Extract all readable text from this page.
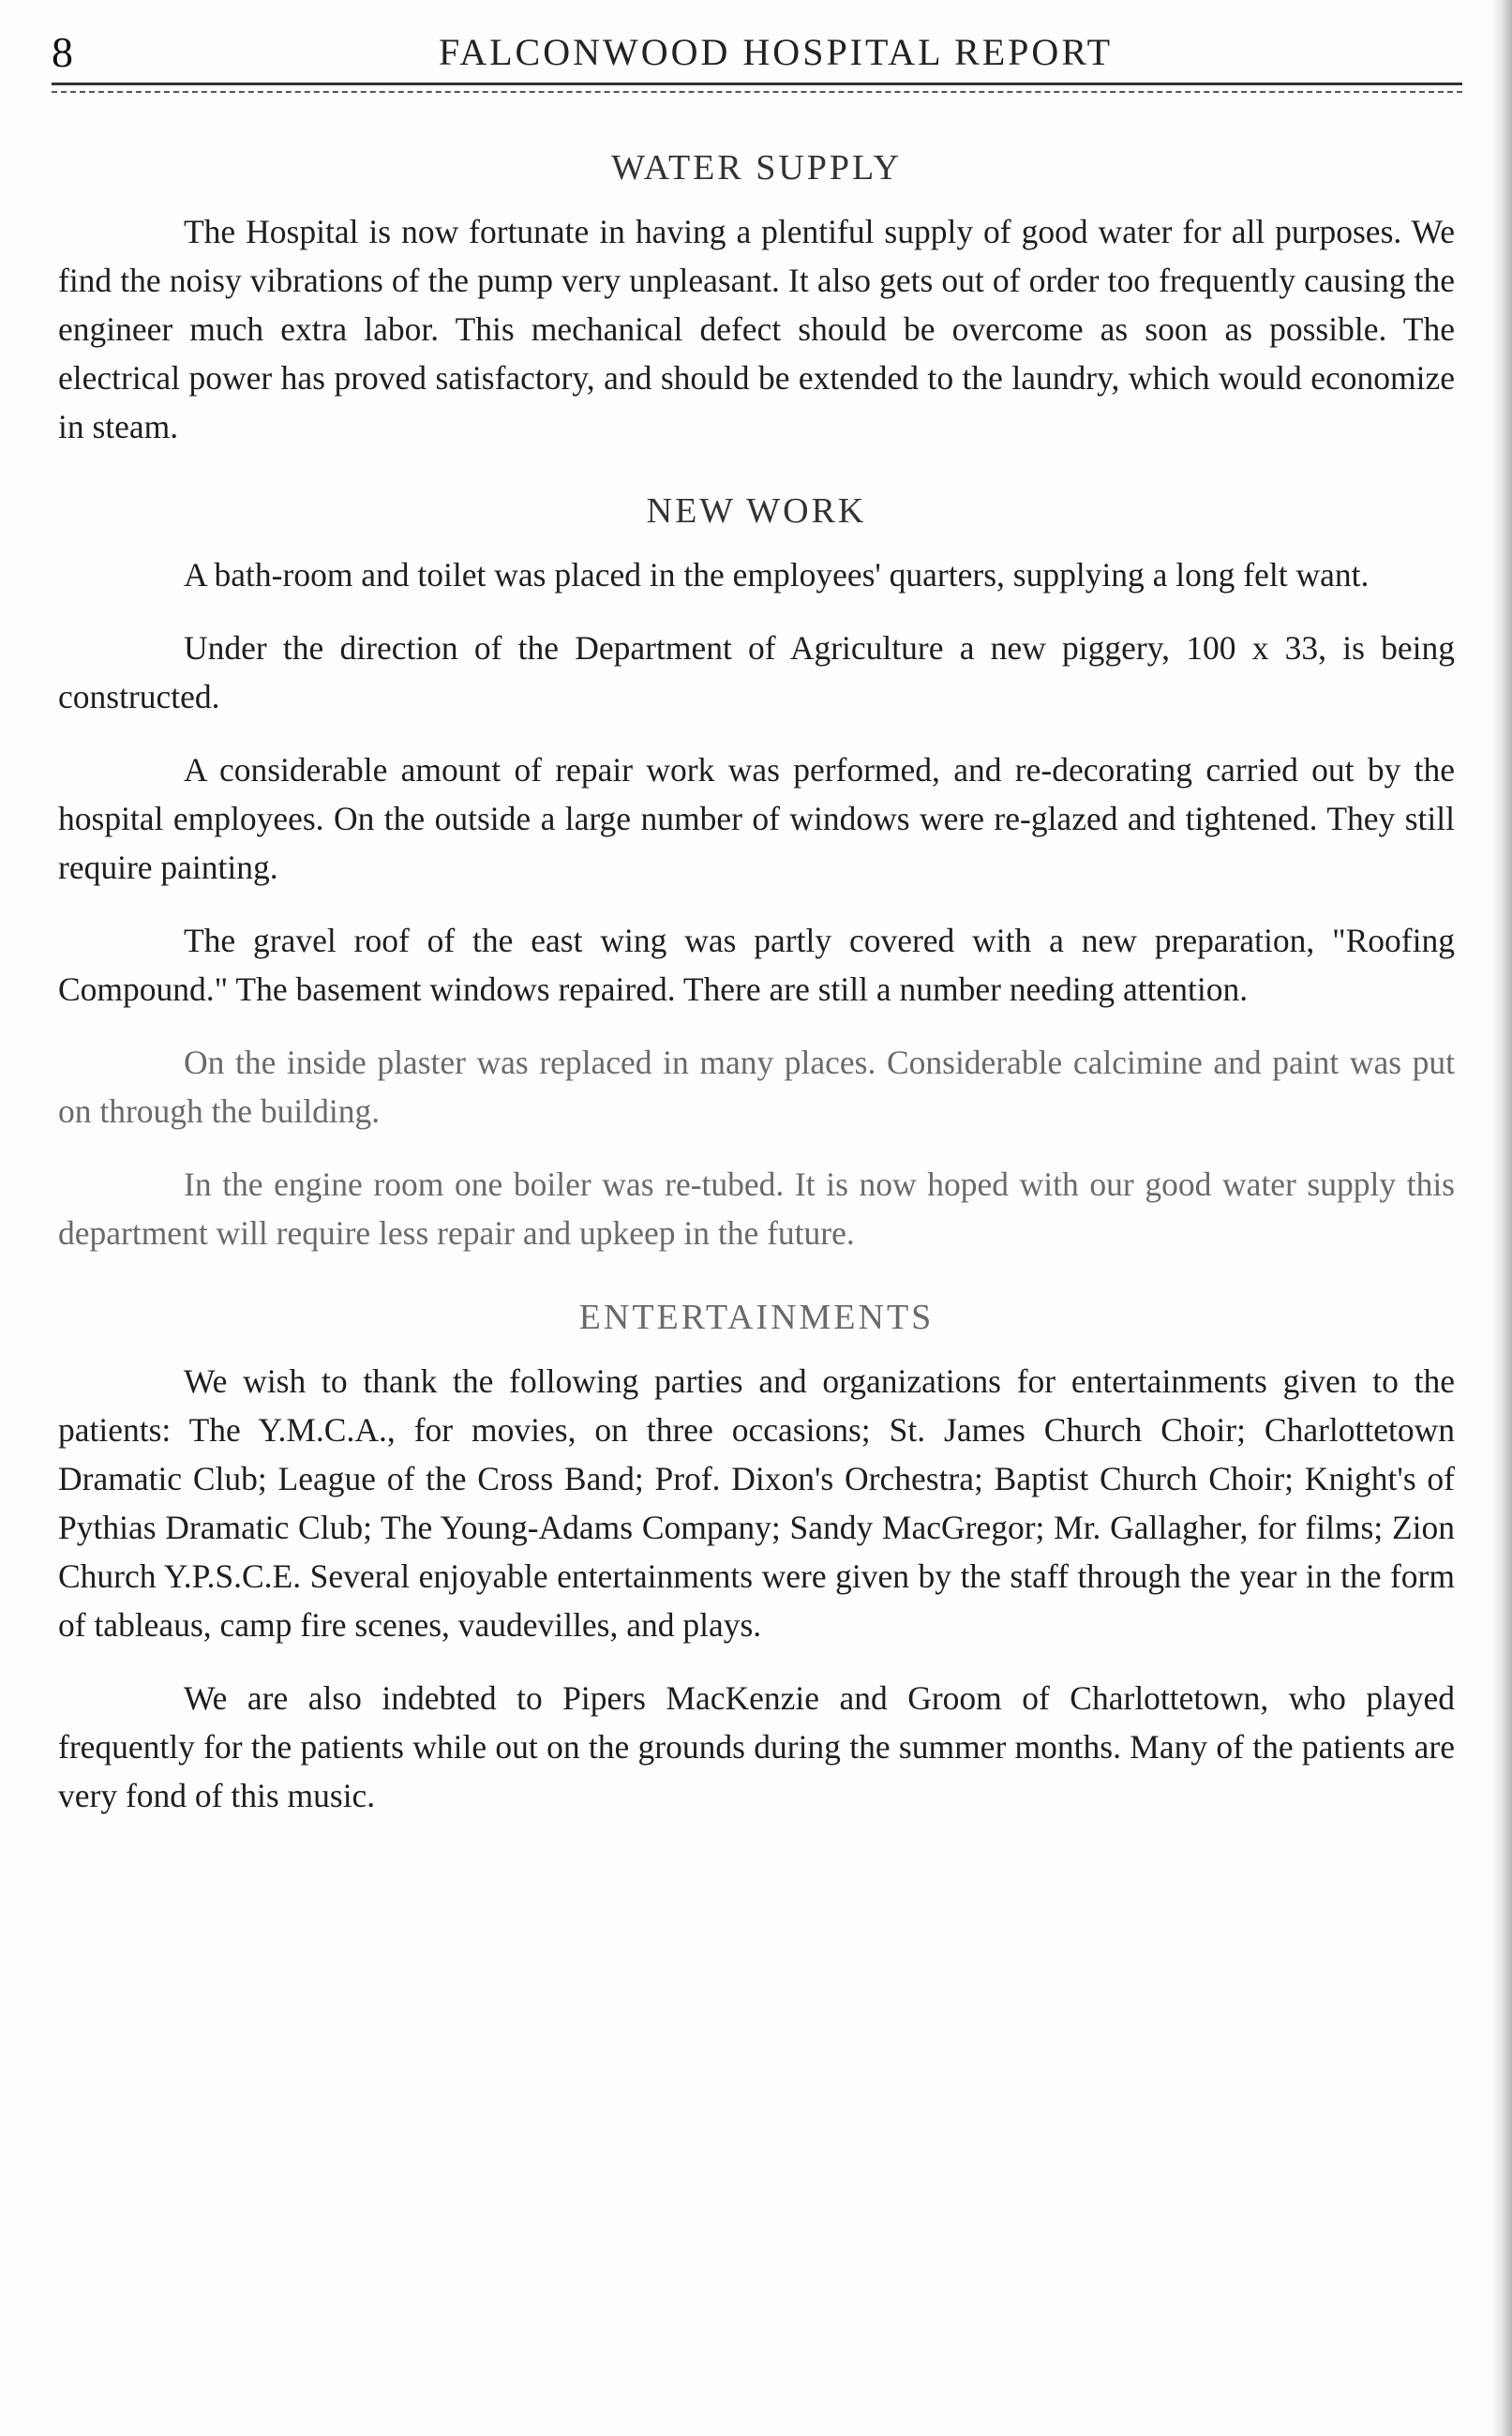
8	FALCONWOOD HOSPITAL REPORT
WATER SUPPLY

The Hospital is now fortunate in having a plentiful supply of good water for all purposes. We find the noisy vibrations of the pump very unpleasant. It also gets out of order too frequently causing the engineer much extra labor. This mechanical defect should be overcome as soon as possible. The electrical power has proved satisfactory, and should be extended to the laundry, which would economize in steam.

NEW WORK

A bath-room and toilet was placed in the employees' quarters, supplying a long felt want.

Under the direction of the Department of Agriculture a new piggery, 100 x 33, is being constructed.

A considerable amount of repair work was performed, and re-decorating carried out by the hospital employees. On the outside a large number of windows were re-glazed and tightened. They still require painting.

The gravel roof of the east wing was partly covered with a new preparation, "Roofing Compound." The basement windows repaired. There are still a number needing attention.

On the inside plaster was replaced in many places. Considerable calcimine and paint was put on through the building.

In the engine room one boiler was re-tubed. It is now hoped with our good water supply this department will require less repair and upkeep in the future.

ENTERTAINMENTS

We wish to thank the following parties and organizations for entertainments given to the patients: The Y.M.C.A., for movies, on three occasions; St. James Church Choir; Charlottetown Dramatic Club; League of the Cross Band; Prof. Dixon's Orchestra; Baptist Church Choir; Knight's of Pythias Dramatic Club; The Young-Adams Company; Sandy MacGregor; Mr. Gallagher, for films; Zion Church Y.P.S.C.E. Several enjoyable entertainments were given by the staff through the year in the form of tableaus, camp fire scenes, vaudevilles, and plays.

We are also indebted to Pipers MacKenzie and Groom of Charlottetown, who played frequently for the patients while out on the grounds during the summer months. Many of the patients are very fond of this music.
